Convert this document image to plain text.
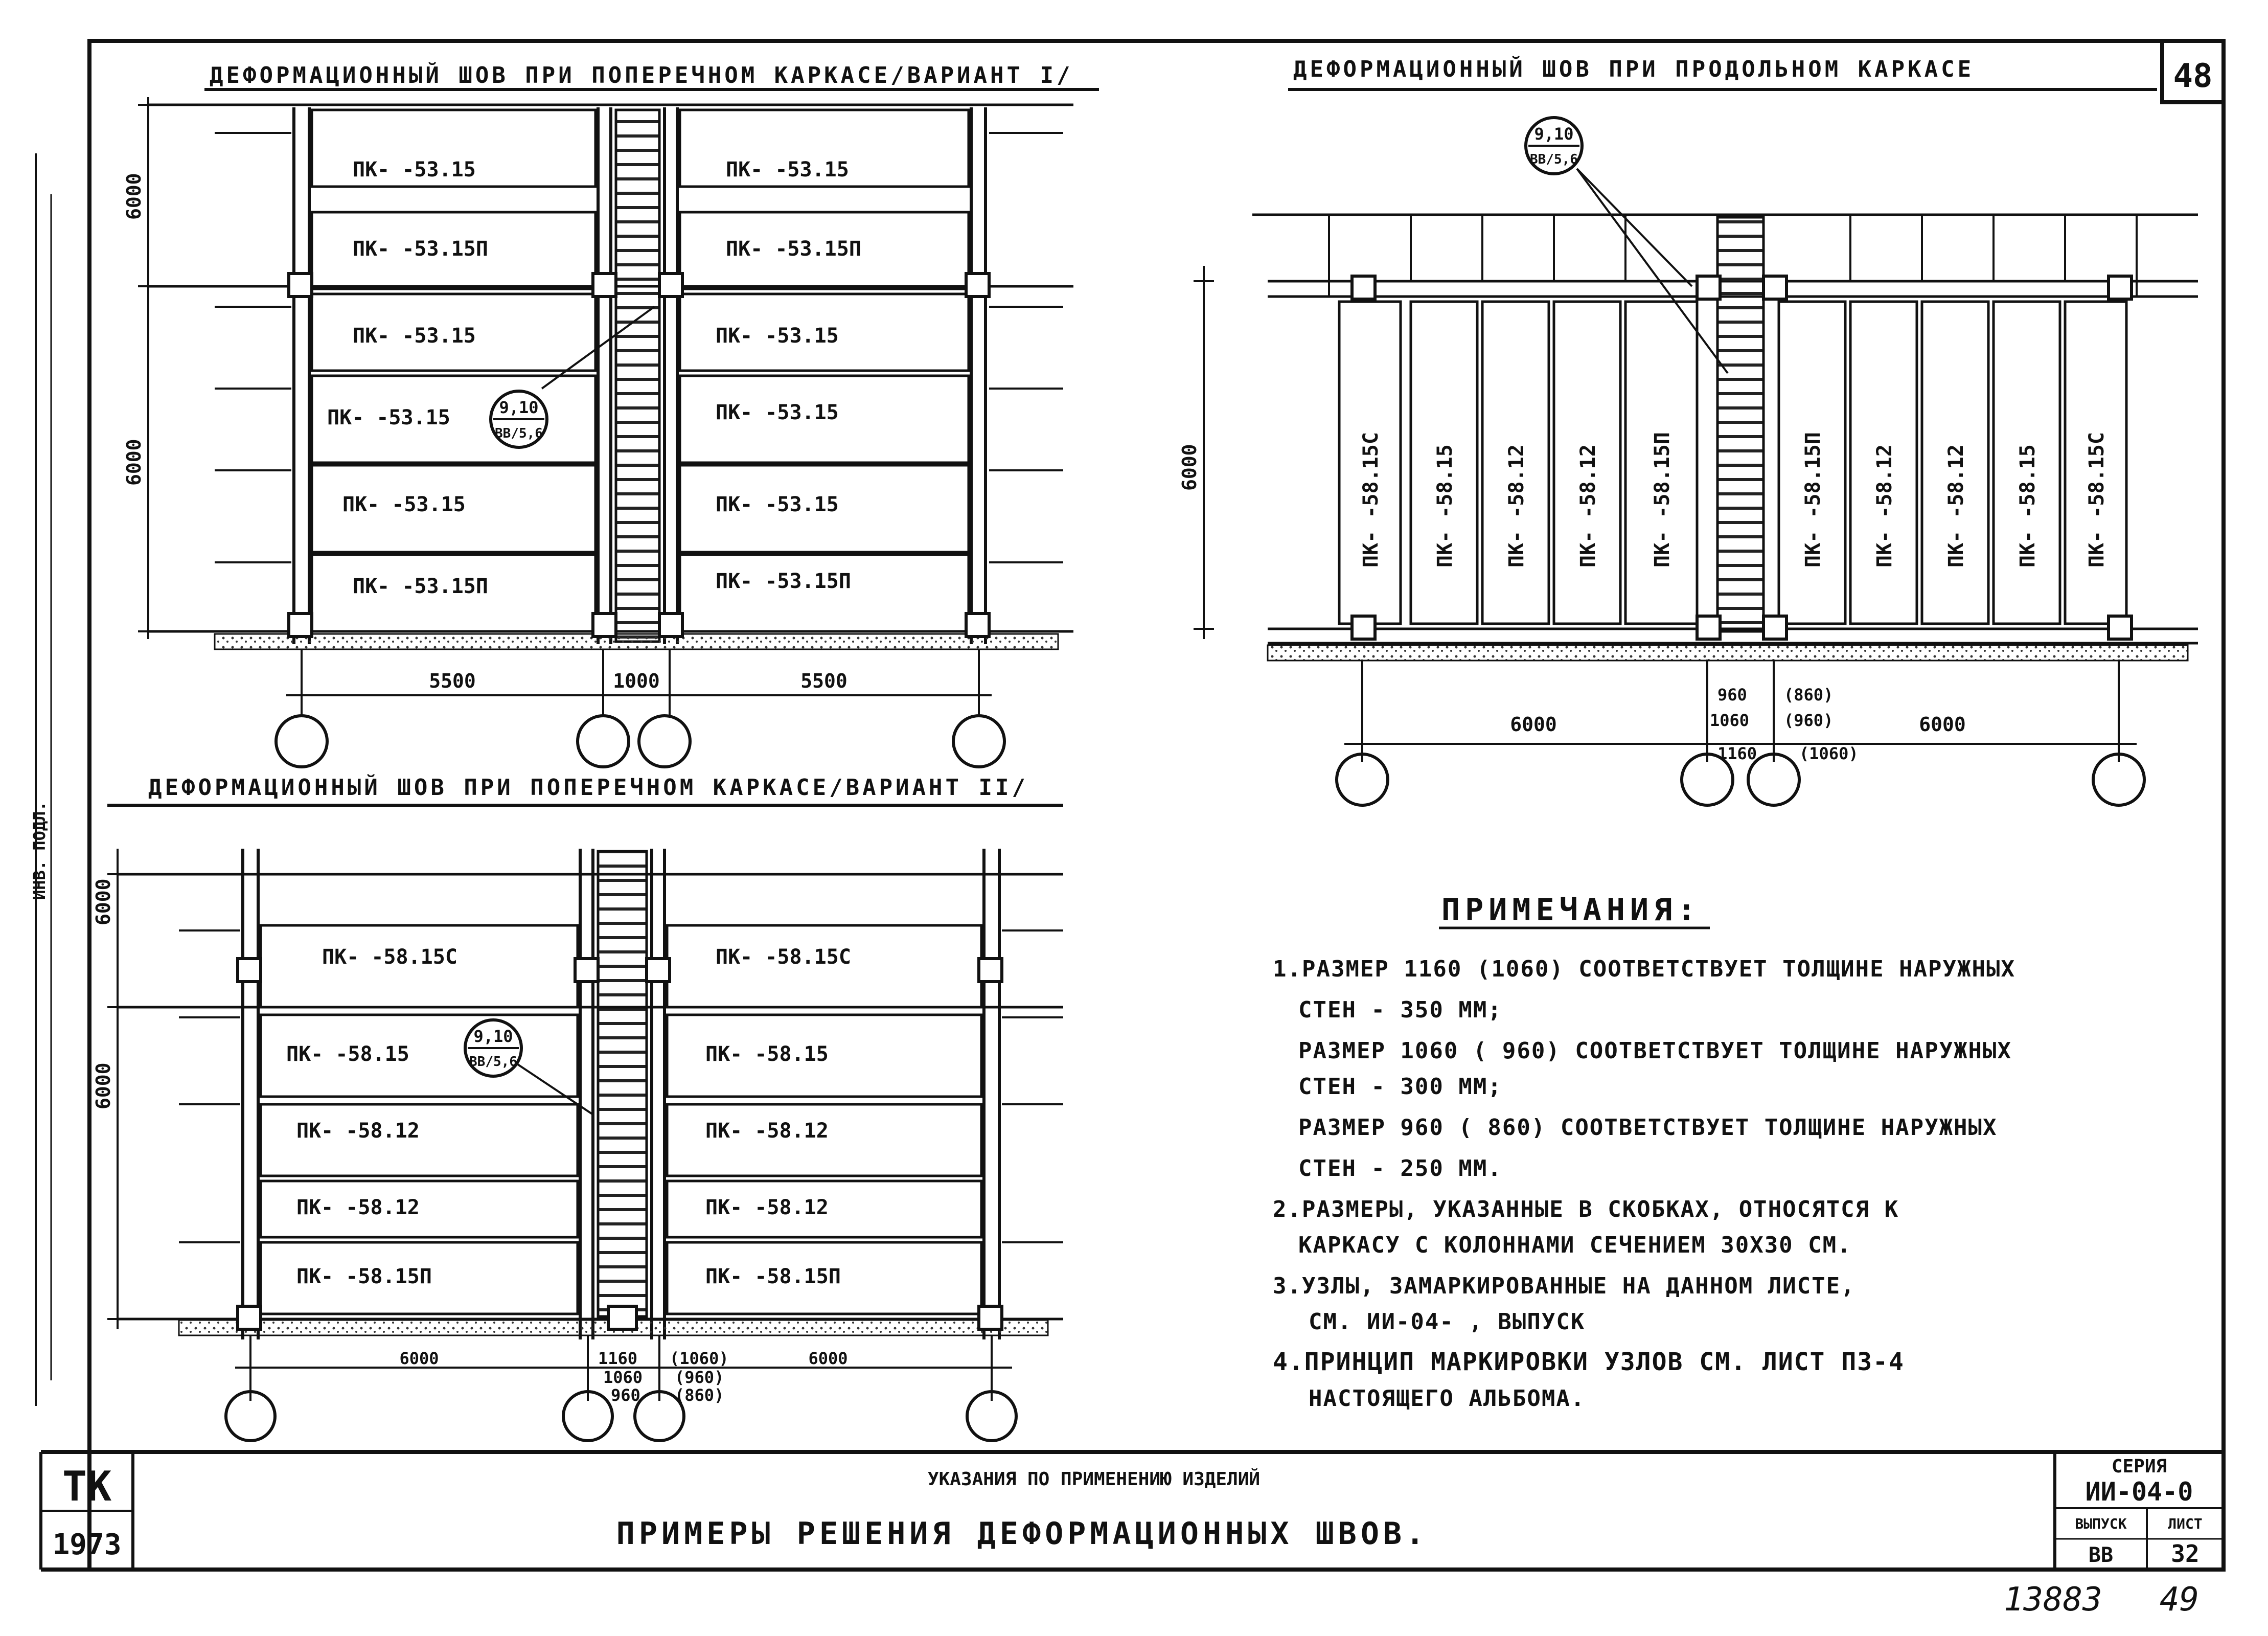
ИНВ. ПОДЛ.
48
ДЕФОРМАЦИОННЫЙ ШОВ ПРИ ПОПЕРЕЧНОМ КАРКАСЕ/ВАРИАНТ I/
6000
6000
ПК- -53.15
ПК- -53.15П
ПК- -53.15
ПК- -53.15
ПК- -53.15
ПК- -53.15П
ПК- -53.15
ПК- -53.15П
ПК- -53.15
ПК- -53.15
ПК- -53.15
ПК- -53.15П
9,10
ВВ/5,6
5500	1000	5500
ДЕФОРМАЦИОННЫЙ ШОВ ПРИ ПРОДОЛЬНОМ КАРКАСЕ
6000	ПК- -58.15С ПК- -58.15 ПК- -58.12 ПК- -58.12 ПК- -58.15П	ПК- -58.15П ПК- -58.12 ПК- -58.12 ПК- -58.15 ПК- -58.15С
9,10
ВВ/5,6
6000	6000
960
1060
1160
(860)
(960)
(1060)
ДЕФОРМАЦИОННЫЙ ШОВ ПРИ ПОПЕРЕЧНОМ КАРКАСЕ/ВАРИАНТ II/
6000
6000
ПК- -58.15С
ПК- -58.15
ПК- -58.12
ПК- -58.12
ПК- -58.15П
ПК- -58.15С
ПК- -58.15
ПК- -58.12
ПК- -58.12
ПК- -58.15П
9,10
ВВ/5,6
6000	6000
1160
1060
960
(1060)
(960)
(860)
ПРИМЕЧАНИЯ:
1.РАЗМЕР 1160 (1060) СООТВЕТСТВУЕТ ТОЛЩИНЕ НАРУЖНЫХ
СТЕН - 350 ММ;
РАЗМЕР 1060 ( 960) СООТВЕТСТВУЕТ ТОЛЩИНЕ НАРУЖНЫХ
СТЕН - 300 ММ;
РАЗМЕР 960 ( 860) СООТВЕТСТВУЕТ ТОЛЩИНЕ НАРУЖНЫХ
СТЕН - 250 ММ.
2.РАЗМЕРЫ, УКАЗАННЫЕ В СКОБКАХ, ОТНОСЯТСЯ К
КАРКАСУ С КОЛОННАМИ СЕЧЕНИЕМ 30Х30 СМ.
3.УЗЛЫ, ЗАМАРКИРОВАННЫЕ НА ДАННОМ ЛИСТЕ,
СМ. ИИ-04- , ВЫПУСК
4.ПРИНЦИП МАРКИРОВКИ УЗЛОВ СМ. ЛИСТ ПЗ-4
НАСТОЯЩЕГО АЛЬБОМА.
ТК
1973
УКАЗАНИЯ ПО ПРИМЕНЕНИЮ ИЗДЕЛИЙ
ПРИМЕРЫ РЕШЕНИЯ ДЕФОРМАЦИОННЫХ ШВОВ.
СЕРИЯ
ИИ-04-0
ВЫПУСК
ВВ
ЛИСТ
32
13883 49
